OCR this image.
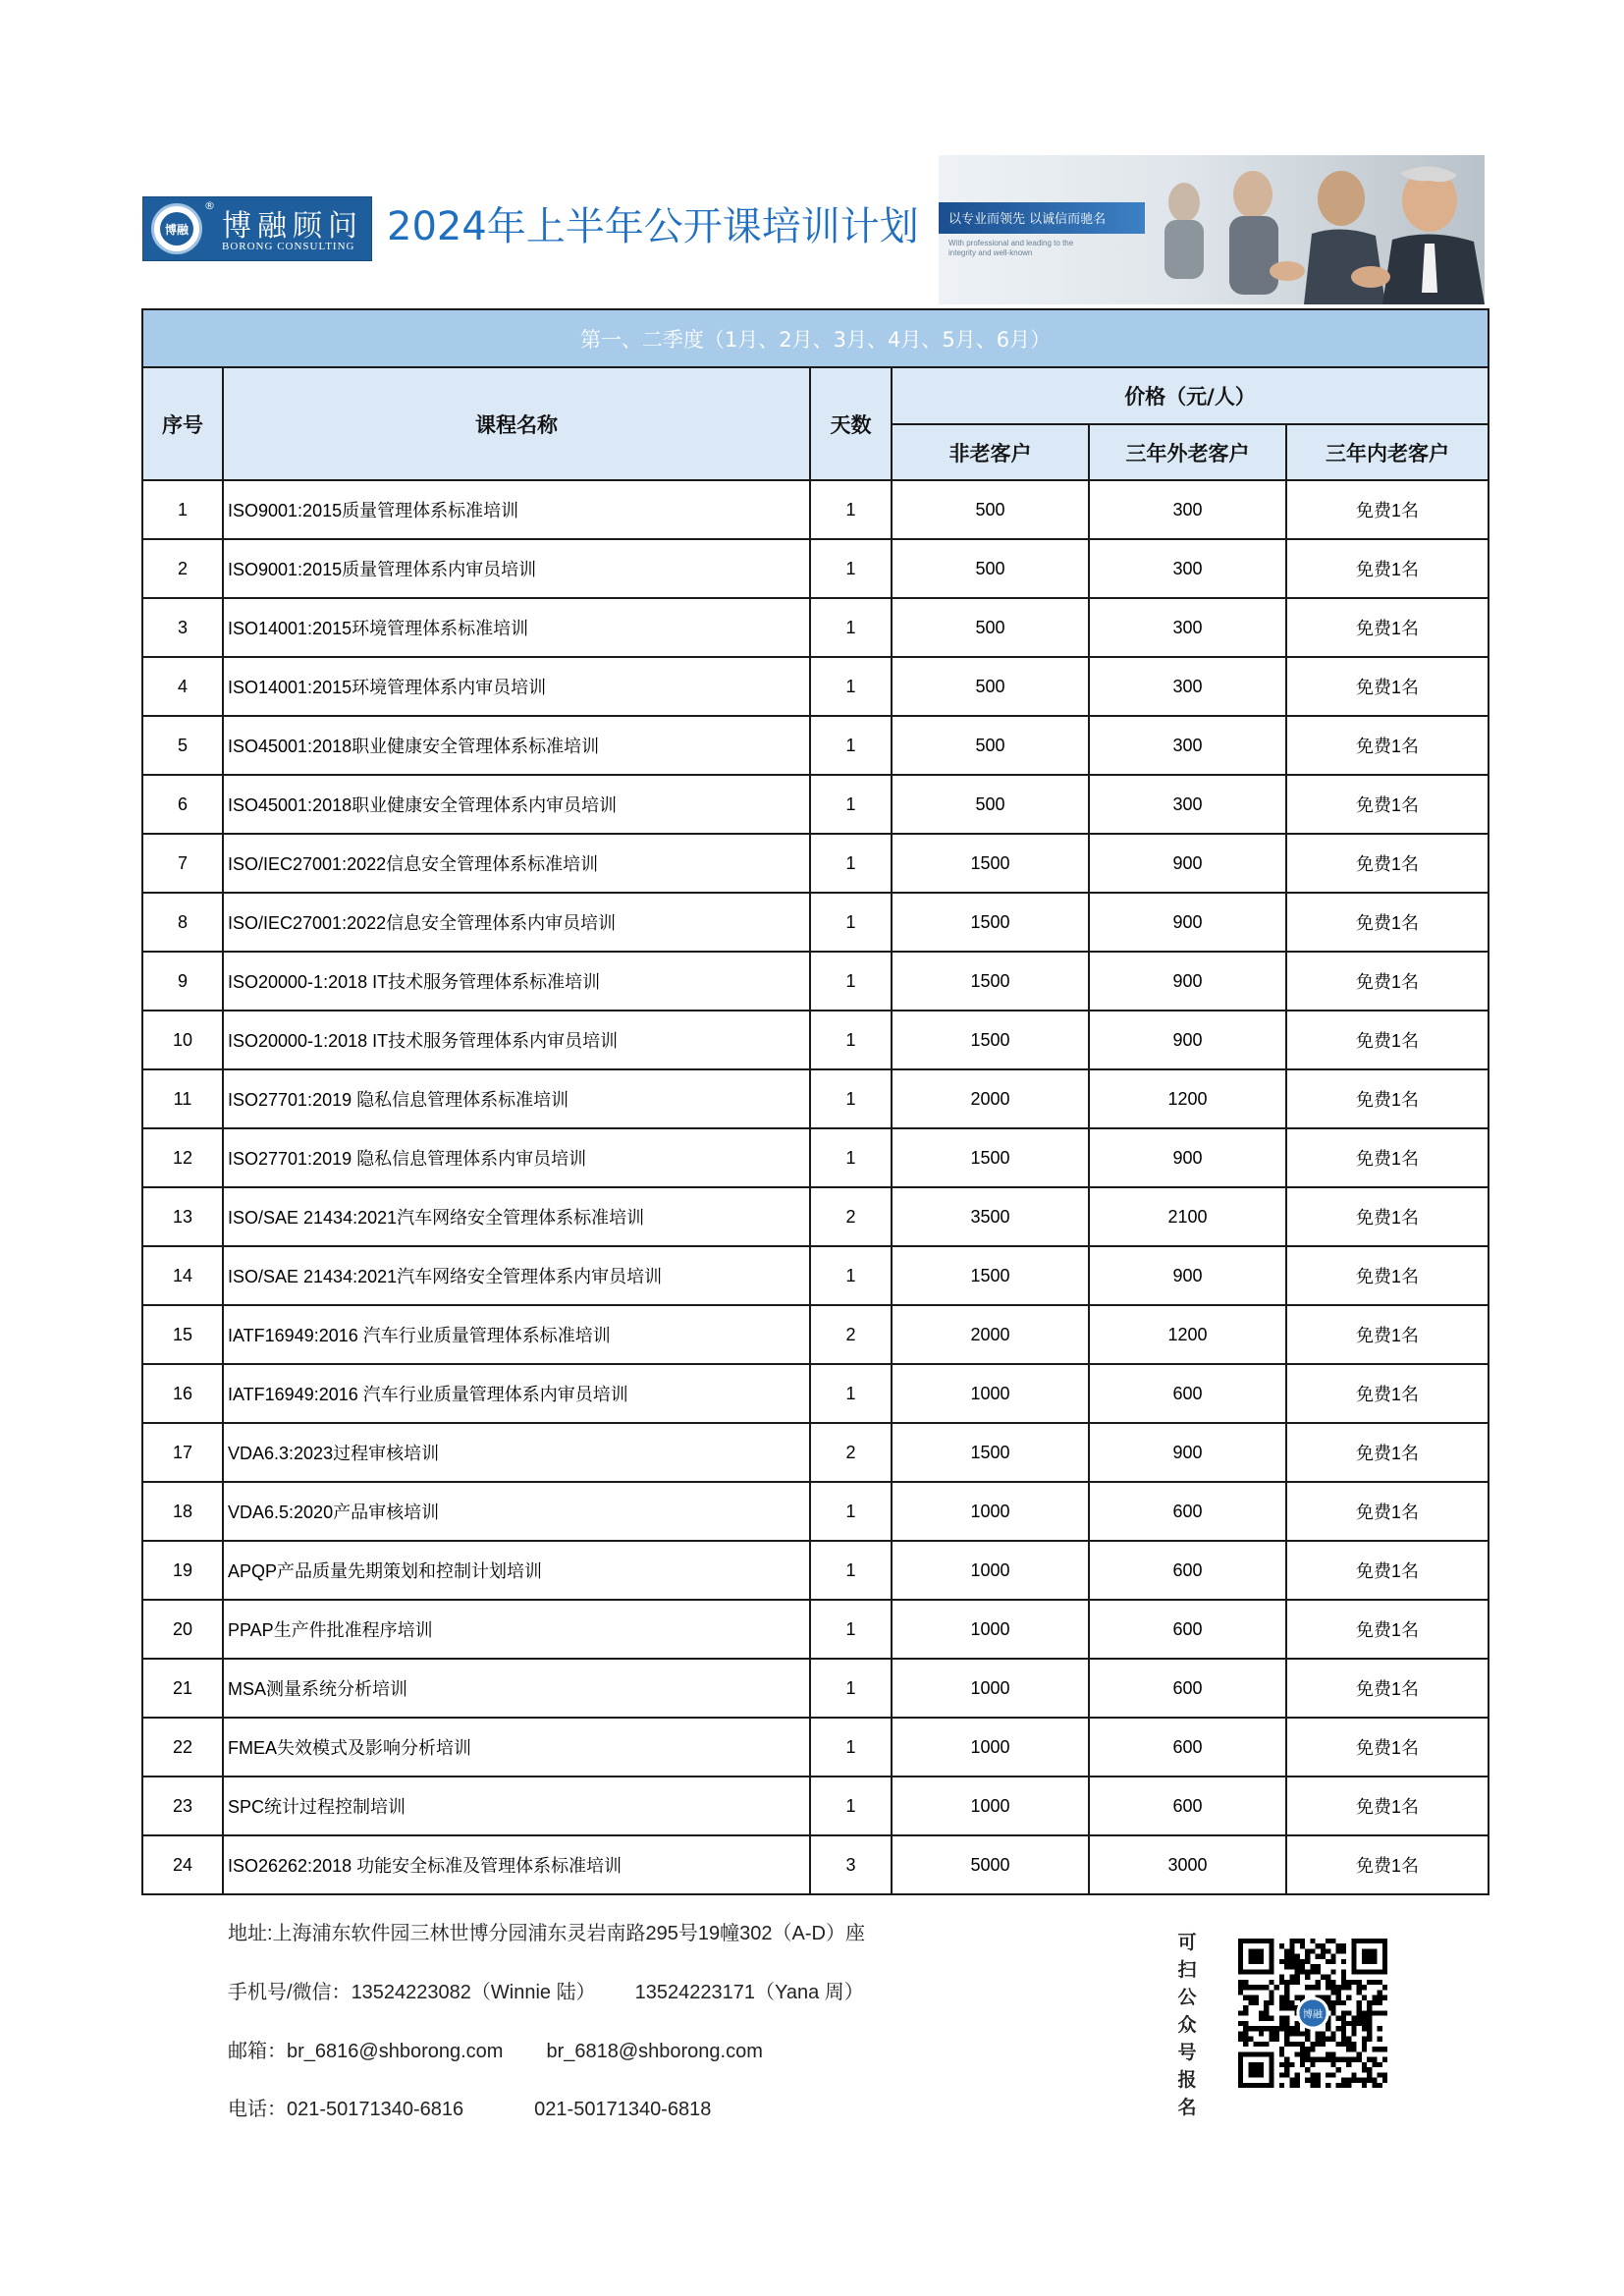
博融
®
博融顾问
BORONG CONSULTING 2024年上半年公开课培训计划 以专业而领先 以诚信而驰名
With professional and leading to the
integrity and well-known
第一、二季度（1月、2月、3月、4月、5月、6月）					
序号	课程名称	天数	价格（元/人）		
			非老客户	三年外老客户	三年内老客户
1	ISO9001:2015质量管理体系标准培训	1	500	300	免费1名
2	ISO9001:2015质量管理体系内审员培训	1	500	300	免费1名
3	ISO14001:2015环境管理体系标准培训	1	500	300	免费1名
4	ISO14001:2015环境管理体系内审员培训	1	500	300	免费1名
5	ISO45001:2018职业健康安全管理体系标准培训	1	500	300	免费1名
6	ISO45001:2018职业健康安全管理体系内审员培训	1	500	300	免费1名
7	ISO/IEC27001:2022信息安全管理体系标准培训	1	1500	900	免费1名
8	ISO/IEC27001:2022信息安全管理体系内审员培训	1	1500	900	免费1名
9	ISO20000-1:2018 IT技术服务管理体系标准培训	1	1500	900	免费1名
10	ISO20000-1:2018 IT技术服务管理体系内审员培训	1	1500	900	免费1名
11	ISO27701:2019 隐私信息管理体系标准培训	1	2000	1200	免费1名
12	ISO27701:2019 隐私信息管理体系内审员培训	1	1500	900	免费1名
13	ISO/SAE 21434:2021汽车网络安全管理体系标准培训	2	3500	2100	免费1名
14	ISO/SAE 21434:2021汽车网络安全管理体系内审员培训	1	1500	900	免费1名
15	IATF16949:2016 汽车行业质量管理体系标准培训	2	2000	1200	免费1名
16	IATF16949:2016 汽车行业质量管理体系内审员培训	1	1000	600	免费1名
17	VDA6.3:2023过程审核培训	2	1500	900	免费1名
18	VDA6.5:2020产品审核培训	1	1000	600	免费1名
19	APQP产品质量先期策划和控制计划培训	1	1000	600	免费1名
20	PPAP生产件批准程序培训	1	1000	600	免费1名
21	MSA测量系统分析培训	1	1000	600	免费1名
22	FMEA失效模式及影响分析培训	1	1000	600	免费1名
23	SPC统计过程控制培训	1	1000	600	免费1名
24	ISO26262:2018 功能安全标准及管理体系标准培训	3	5000	3000	免费1名
地址:上海浦东软件园三林世博分园浦东灵岩南路295号19幢302（A-D）座
手机号/微信：13524223082（Winnie 陆） 13524223171（Yana 周）
邮箱：br_6816@shborong.com br_6818@shborong.com
电话：021-50171340-6816	021-50171340-6818
可
扫
公
众
号
报
名
博融
